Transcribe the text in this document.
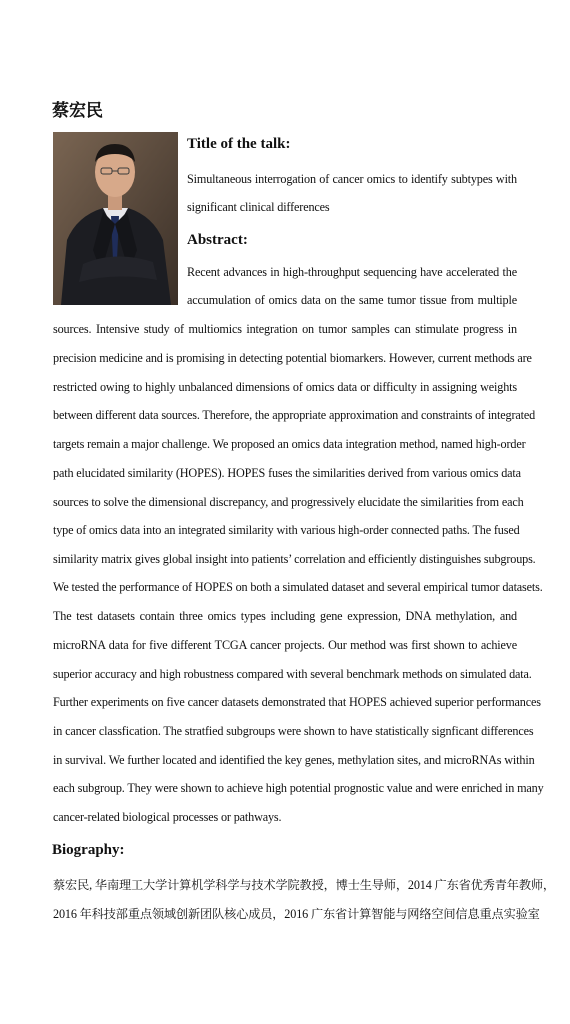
蔡宏民
Title of the talk:
Simultaneous interrogation of cancer omics to identify subtypes with
significant clinical differences
Abstract:
Recent advances in high-throughput sequencing have accelerated the
accumulation of omics data on the same tumor tissue from multiple
sources. Intensive study of multiomics integration on tumor samples can stimulate progress in
precision medicine and is promising in detecting potential biomarkers. However, current methods are
restricted owing to highly unbalanced dimensions of omics data or difficulty in assigning weights
between different data sources. Therefore, the appropriate approximation and constraints of integrated
targets remain a major challenge. We proposed an omics data integration method, named high-order
path elucidated similarity (HOPES). HOPES fuses the similarities derived from various omics data
sources to solve the dimensional discrepancy, and progressively elucidate the similarities from each
type of omics data into an integrated similarity with various high-order connected paths. The fused
similarity matrix gives global insight into patients’ correlation and efficiently distinguishes subgroups.
We tested the performance of HOPES on both a simulated dataset and several empirical tumor datasets.
The test datasets contain three omics types including gene expression, DNA methylation, and
microRNA data for five different TCGA cancer projects. Our method was first shown to achieve
superior accuracy and high robustness compared with several benchmark methods on simulated data.
Further experiments on five cancer datasets demonstrated that HOPES achieved superior performances
in cancer classfication. The stratfied subgroups were shown to have statistically signficant differences
in survival. We further located and identified the key genes, methylation sites, and microRNAs within
each subgroup. They were shown to achieve high potential prognostic value and were enriched in many
cancer-related biological processes or pathways.
Biography:
蔡宏民, 华南理工大学计算机学科学与技术学院教授，博士生导师，2014 广东省优秀青年教师，
2016 年科技部重点领域创新团队核心成员，2016 广东省计算智能与网络空间信息重点实验室
